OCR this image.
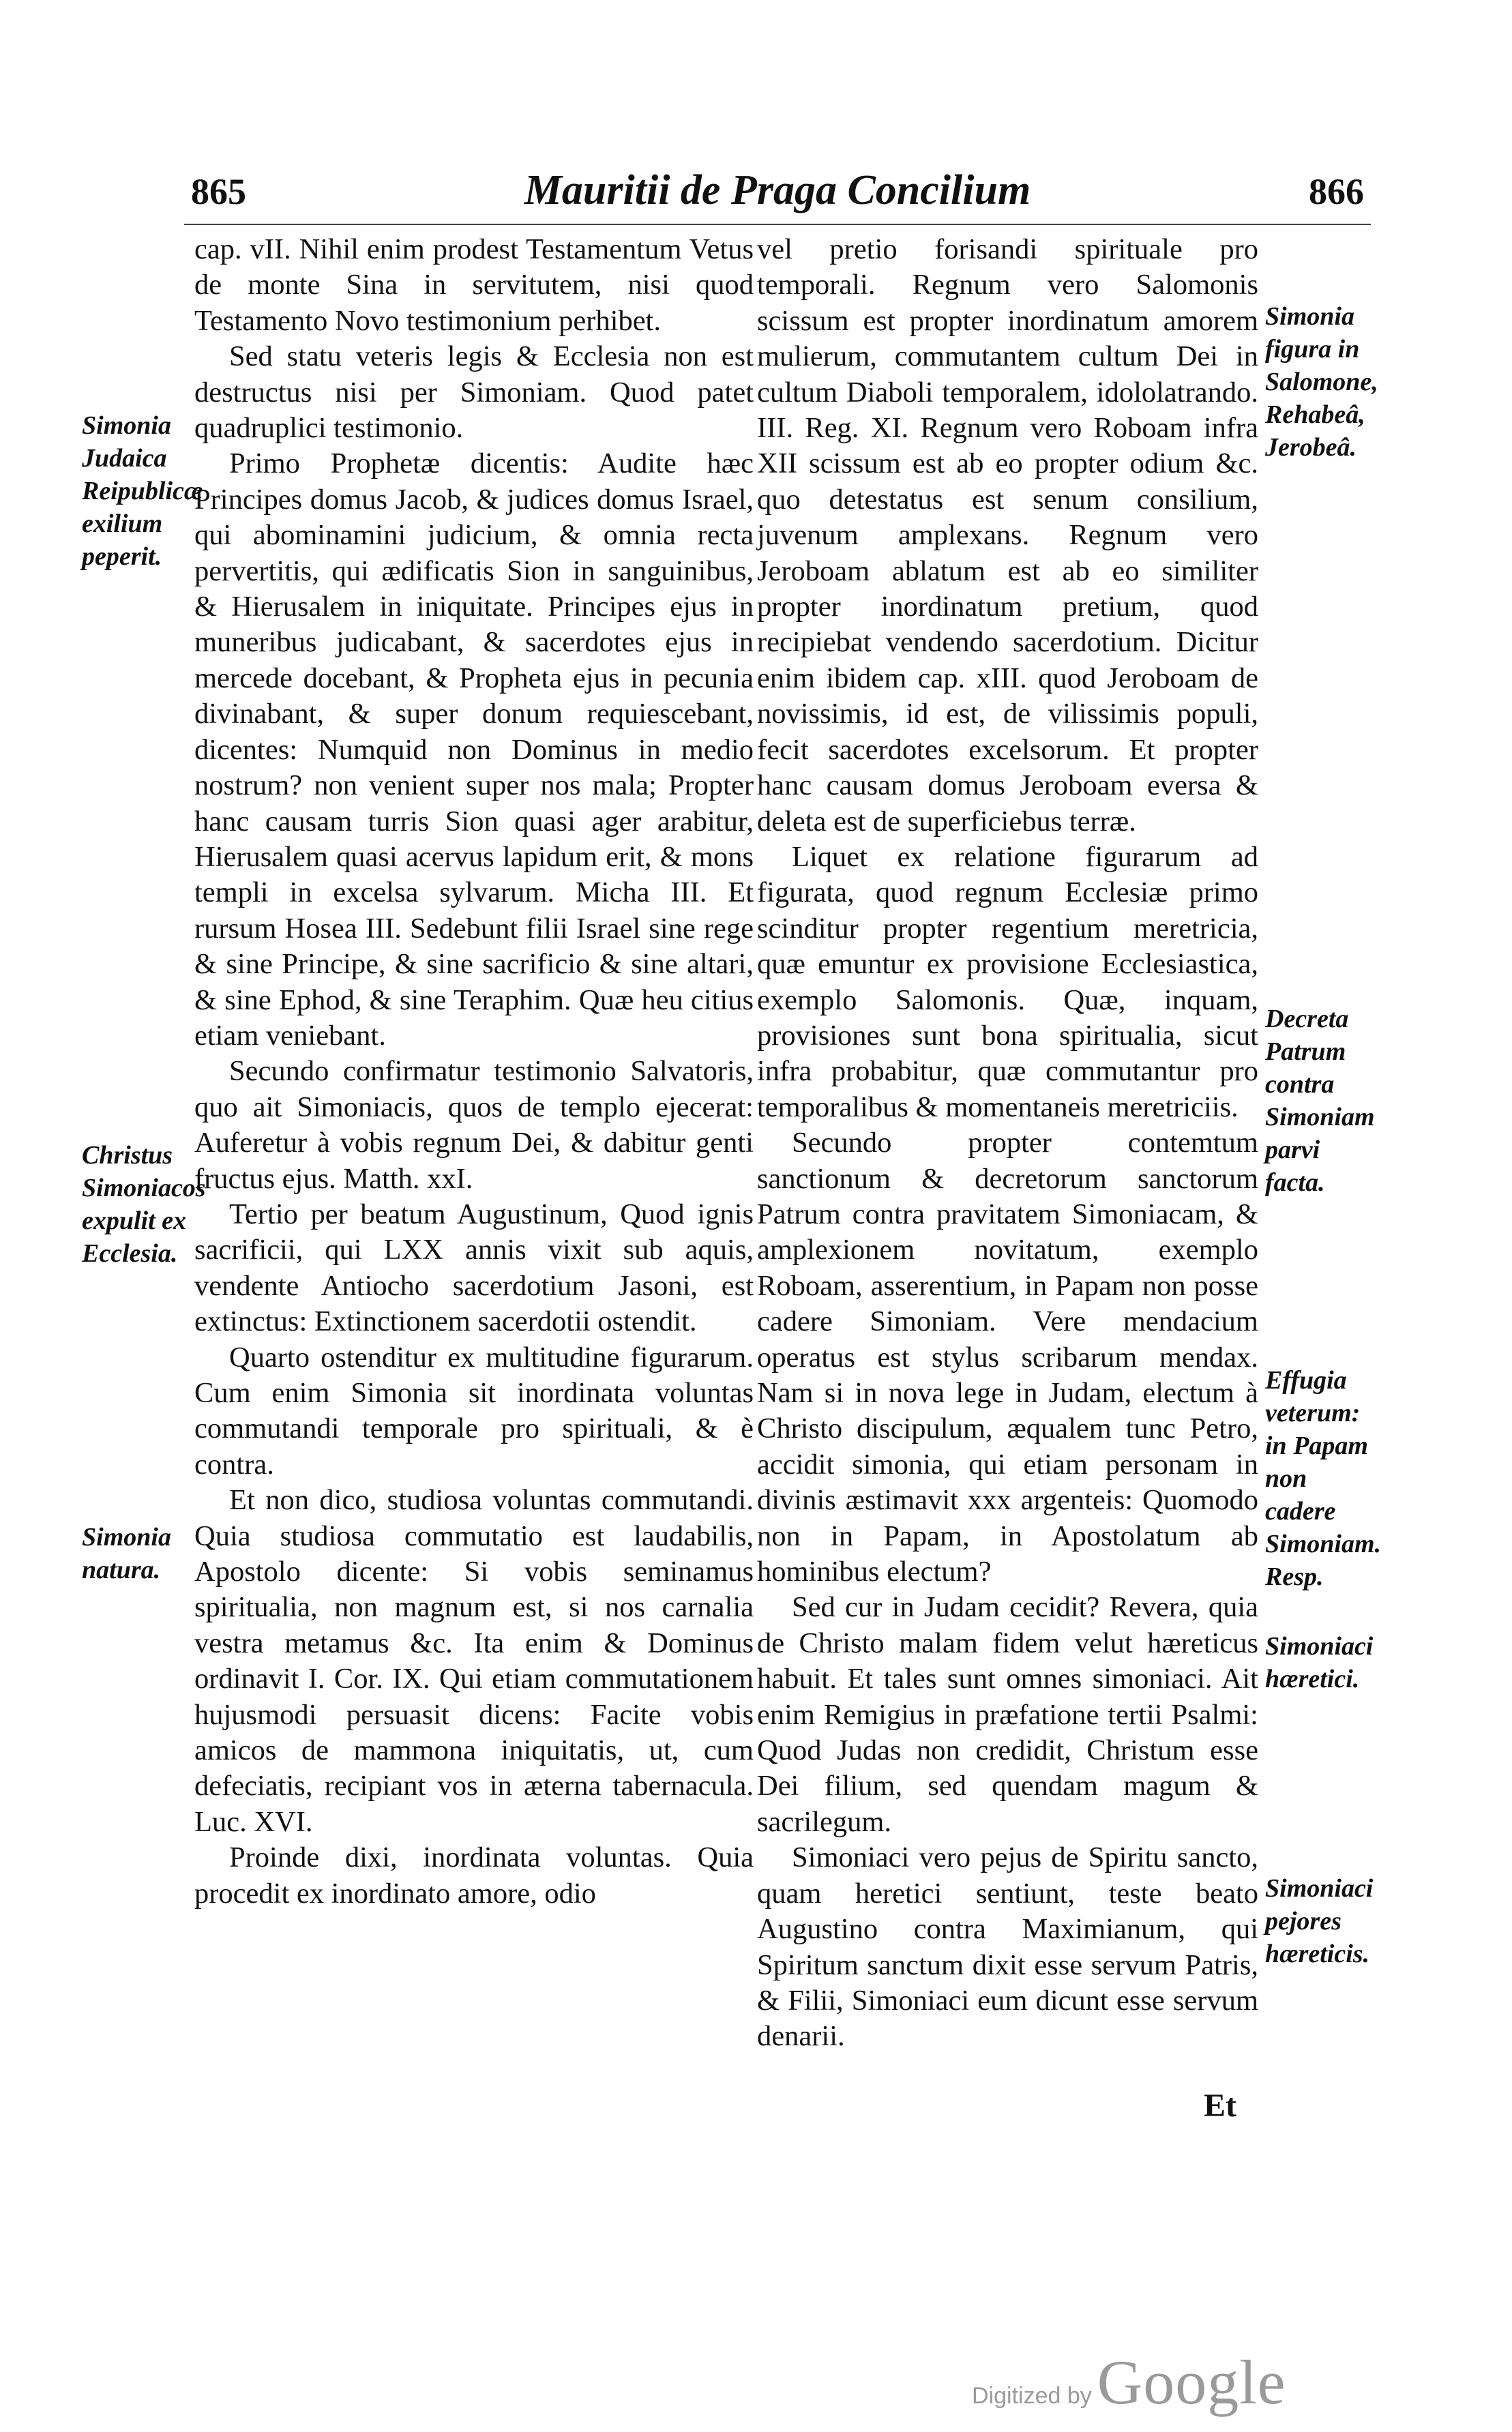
865	Mauritii de Praga Concilium	866

cap. vII. Nihil enim prodest Testamentum Vetus de monte Sina in servitutem, nisi quod Testamento Novo testimonium perhibet.

Sed statu veteris legis & Ecclesia non est destructus nisi per Simoniam. Quod patet quadruplici testimonio.

Primo Prophetæ dicentis: Audite hæc Principes domus Jacob, & judices domus Israel, qui abominamini judicium, & omnia recta pervertitis, qui ædificatis Sion in sanguinibus, & Hierusalem in iniquitate. Principes ejus in muneribus judicabant, & sacerdotes ejus in mercede docebant, & Propheta ejus in pecunia divinabant, & super donum requiescebant, dicentes: Numquid non Dominus in medio nostrum? non venient super nos mala; Propter hanc causam turris Sion quasi ager arabitur, Hierusalem quasi acervus lapidum erit, & mons templi in excelsa sylvarum. Micha III. Et rursum Hosea III. Sedebunt filii Israel sine rege & sine Principe, & sine sacrificio & sine altari, & sine Ephod, & sine Teraphim. Quæ heu citius etiam veniebant.

Secundo confirmatur testimonio Salvatoris, quo ait Simoniacis, quos de templo ejecerat: Auferetur à vobis regnum Dei, & dabitur genti fructus ejus. Matth. xxI.

Tertio per beatum Augustinum, Quod ignis sacrificii, qui LXX annis vixit sub aquis, vendente Antiocho sacerdotium Jasoni, est extinctus: Extinctionem sacerdotii ostendit.

Quarto ostenditur ex multitudine figurarum. Cum enim Simonia sit inordinata voluntas commutandi temporale pro spirituali, & è contra.

Et non dico, studiosa voluntas commutandi. Quia studiosa commutatio est laudabilis, Apostolo dicente: Si vobis seminamus spiritualia, non magnum est, si nos carnalia vestra metamus &c. Ita enim & Dominus ordinavit I. Cor. IX. Qui etiam commutationem hujusmodi persuasit dicens: Facite vobis amicos de mammona iniquitatis, ut, cum defeciatis, recipiant vos in æterna tabernacula. Luc. XVI.

Proinde dixi, inordinata voluntas. Quia procedit ex inordinato amore, odio

vel pretio forisandi spirituale pro temporali. Regnum vero Salomonis scissum est propter inordinatum amorem mulierum, commutantem cultum Dei in cultum Diaboli temporalem, idololatrando. III. Reg. XI. Regnum vero Roboam infra XII scissum est ab eo propter odium &c. quo detestatus est senum consilium, juvenum amplexans. Regnum vero Jeroboam ablatum est ab eo similiter propter inordinatum pretium, quod recipiebat vendendo sacerdotium. Dicitur enim ibidem cap. xIII. quod Jeroboam de novissimis, id est, de vilissimis populi, fecit sacerdotes excelsorum. Et propter hanc causam domus Jeroboam eversa & deleta est de superficiebus terræ.

Liquet ex relatione figurarum ad figurata, quod regnum Ecclesiæ primo scinditur propter regentium meretricia, quæ emuntur ex provisione Ecclesiastica, exemplo Salomonis. Quæ, inquam, provisiones sunt bona spiritualia, sicut infra probabitur, quæ commutantur pro temporalibus & momentaneis meretriciis.

Secundo propter contemtum sanctionum & decretorum sanctorum Patrum contra pravitatem Simoniacam, & amplexionem novitatum, exemplo Roboam, asserentium, in Papam non posse cadere Simoniam. Vere mendacium operatus est stylus scribarum mendax. Nam si in nova lege in Judam, electum à Christo discipulum, æqualem tunc Petro, accidit simonia, qui etiam personam in divinis æstimavit xxx argenteis: Quomodo non in Papam, in Apostolatum ab hominibus electum?

Sed cur in Judam cecidit? Revera, quia de Christo malam fidem velut hæreticus habuit. Et tales sunt omnes simoniaci. Ait enim Remigius in præfatione tertii Psalmi: Quod Judas non credidit, Christum esse Dei filium, sed quendam magum & sacrilegum.

Simoniaci vero pejus de Spiritu sancto, quam heretici sentiunt, teste beato Augustino contra Maximianum, qui Spiritum sanctum dixit esse servum Patris, & Filii, Simoniaci eum dicunt esse servum denarii.

Simonia Judaica Reipublicæ exilium peperit.
Christus Simoniacos expulit ex Ecclesia.
Simonia natura.
Simonia figura in Salomone, Rehabeâ, Jerobeâ.
Decreta Patrum contra Simoniam parvi facta.
Effugia veterum: in Papam non cadere Simoniam. Resp.
Simoniaci hæretici.
Simoniaci pejores hæreticis.
Et
Digitized by Google
